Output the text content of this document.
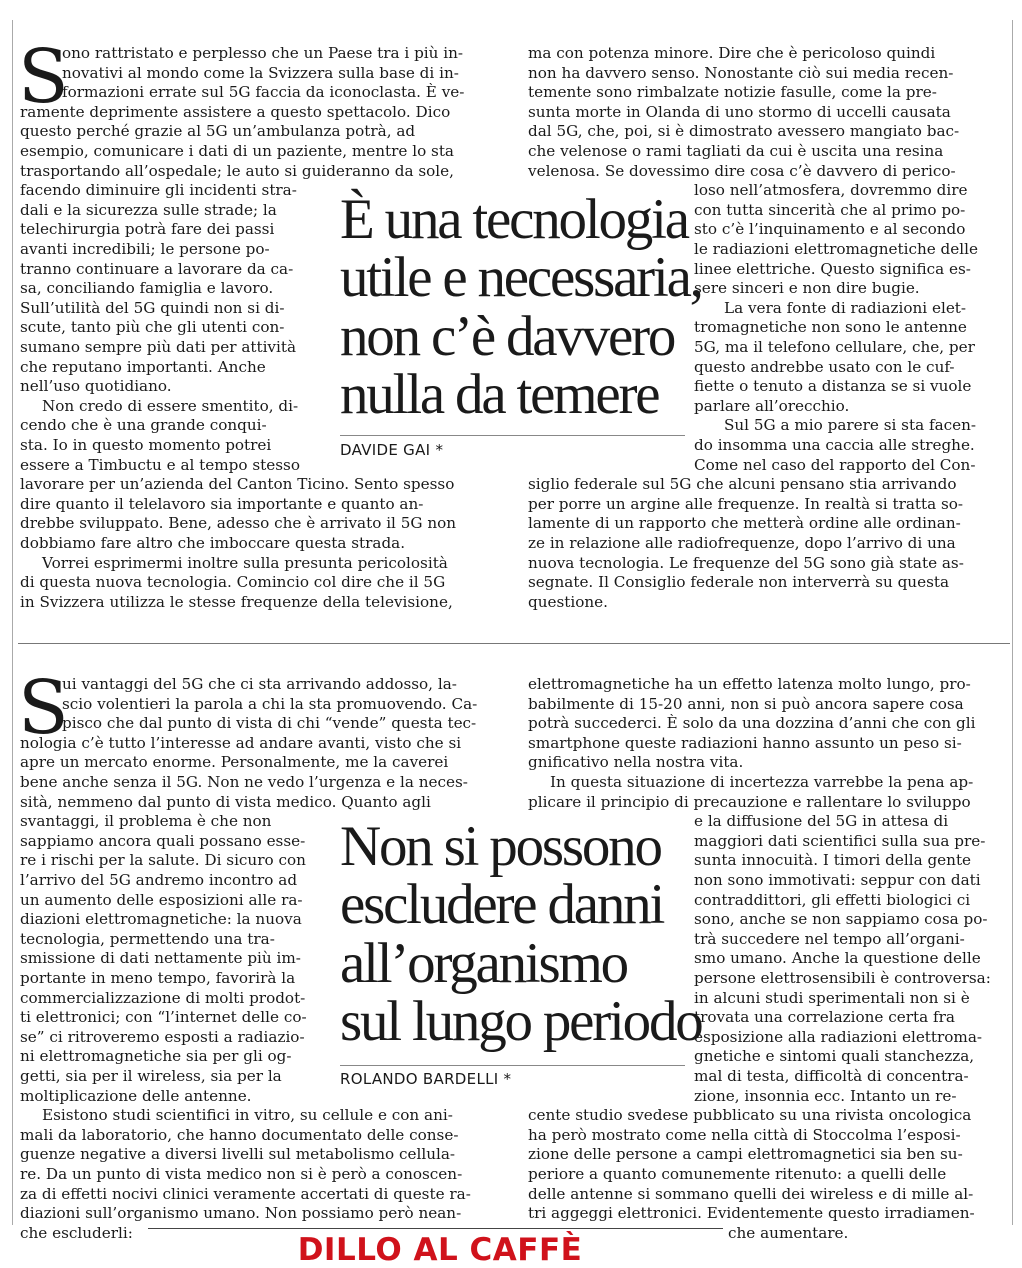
S
ono rattristato e perplesso che un Paese tra i più in-
novativi al mondo come la Svizzera sulla base di in-
formazioni errate sul 5G faccia da iconoclasta. È ve-
ramente deprimente assistere a questo spettacolo. Dico
questo perché grazie al 5G un’ambulanza potrà, ad
esempio, comunicare i dati di un paziente, mentre lo sta
trasportando all’ospedale; le auto si guideranno da sole,
facendo diminuire gli incidenti stra-
dali e la sicurezza sulle strade; la
telechirurgia potrà fare dei passi
avanti incredibili; le persone po-
tranno continuare a lavorare da ca-
sa, conciliando famiglia e lavoro.
Sull’utilità del 5G quindi non si di-
scute, tanto più che gli utenti con-
sumano sempre più dati per attività
che reputano importanti. Anche
nell’uso quotidiano.
Non credo di essere smentito, di-
cendo che è una grande conqui-
sta. Io in questo momento potrei
essere a Timbuctu e al tempo stesso
lavorare per un’azienda del Canton Ticino. Sento spesso
dire quanto il telelavoro sia importante e quanto an-
drebbe sviluppato. Bene, adesso che è arrivato il 5G non
dobbiamo fare altro che imboccare questa strada.
Vorrei esprimermi inoltre sulla presunta pericolosità
di questa nuova tecnologia. Comincio col dire che il 5G
in Svizzera utilizza le stesse frequenze della televisione,
ma con potenza minore. Dire che è pericoloso quindi
non ha davvero senso. Nonostante ciò sui media recen-
temente sono rimbalzate notizie fasulle, come la pre-
sunta morte in Olanda di uno stormo di uccelli causata
dal 5G, che, poi, si è dimostrato avessero mangiato bac-
che velenose o rami tagliati da cui è uscita una resina
velenosa. Se dovessimo dire cosa c’è davvero di perico-
loso nell’atmosfera, dovremmo dire
con tutta sincerità che al primo po-
sto c’è l’inquinamento e al secondo
le radiazioni elettromagnetiche delle
linee elettriche. Questo significa es-
sere sinceri e non dire bugie.
La vera fonte di radiazioni elet-
tromagnetiche non sono le antenne
5G, ma il telefono cellulare, che, per
questo andrebbe usato con le cuf-
fiette o tenuto a distanza se si vuole
parlare all’orecchio.
Sul 5G a mio parere si sta facen-
do insomma una caccia alle streghe.
Come nel caso del rapporto del Con-
siglio federale sul 5G che alcuni pensano stia arrivando
per porre un argine alle frequenze. In realtà si tratta so-
lamente di un rapporto che metterà ordine alle ordinan-
ze in relazione alle radiofrequenze, dopo l’arrivo di una
nuova tecnologia. Le frequenze del 5G sono già state as-
segnate. Il Consiglio federale non interverrà su questa
questione.
È una tecnologia
utile e necessaria,
non c’è davvero
nulla da temere
DAVIDE GAI *
S
ui vantaggi del 5G che ci sta arrivando addosso, la-
scio volentieri la parola a chi la sta promuovendo. Ca-
pisco che dal punto di vista di chi “vende” questa tec-
nologia c’è tutto l’interesse ad andare avanti, visto che si
apre un mercato enorme. Personalmente, me la caverei
bene anche senza il 5G. Non ne vedo l’urgenza e la neces-
sità, nemmeno dal punto di vista medico. Quanto agli
svantaggi, il problema è che non
sappiamo ancora quali possano esse-
re i rischi per la salute. Di sicuro con
l’arrivo del 5G andremo incontro ad
un aumento delle esposizioni alle ra-
diazioni elettromagnetiche: la nuova
tecnologia, permettendo una tra-
smissione di dati nettamente più im-
portante in meno tempo, favorirà la
commercializzazione di molti prodot-
ti elettronici; con “l’internet delle co-
se” ci ritroveremo esposti a radiazio-
ni elettromagnetiche sia per gli og-
getti, sia per il wireless, sia per la
moltiplicazione delle antenne.
Esistono studi scientifici in vitro, su cellule e con ani-
mali da laboratorio, che hanno documentato delle conse-
guenze negative a diversi livelli sul metabolismo cellula-
re. Da un punto di vista medico non si è però a conoscen-
za di effetti nocivi clinici veramente accertati di queste ra-
diazioni sull’organismo umano. Non possiamo però nean-
che escluderli:
elettromagnetiche ha un effetto latenza molto lungo, pro-
babilmente di 15-20 anni, non si può ancora sapere cosa
potrà succederci. È solo da una dozzina d’anni che con gli
smartphone queste radiazioni hanno assunto un peso si-
gnificativo nella nostra vita.
In questa situazione di incertezza varrebbe la pena ap-
plicare il principio di precauzione e rallentare lo sviluppo
e la diffusione del 5G in attesa di
maggiori dati scientifici sulla sua pre-
sunta innocuità. I timori della gente
non sono immotivati: seppur con dati
contraddittori, gli effetti biologici ci
sono, anche se non sappiamo cosa po-
trà succedere nel tempo all’organi-
smo umano. Anche la questione delle
persone elettrosensibili è controversa:
in alcuni studi sperimentali non si è
trovata una correlazione certa fra
esposizione alla radiazioni elettroma-
gnetiche e sintomi quali stanchezza,
mal di testa, difficoltà di concentra-
zione, insonnia ecc. Intanto un re-
cente studio svedese pubblicato su una rivista oncologica
ha però mostrato come nella città di Stoccolma l’esposi-
zione delle persone a campi elettromagnetici sia ben su-
periore a quanto comunemente ritenuto: a quelli delle
delle antenne si sommano quelli dei wireless e di mille al-
tri aggeggi elettronici. Evidentemente questo irradiamen-
che aumentare.
Non si possono
escludere danni
all’organismo
sul lungo periodo
ROLANDO BARDELLI *
DILLO AL CAFFÈ
